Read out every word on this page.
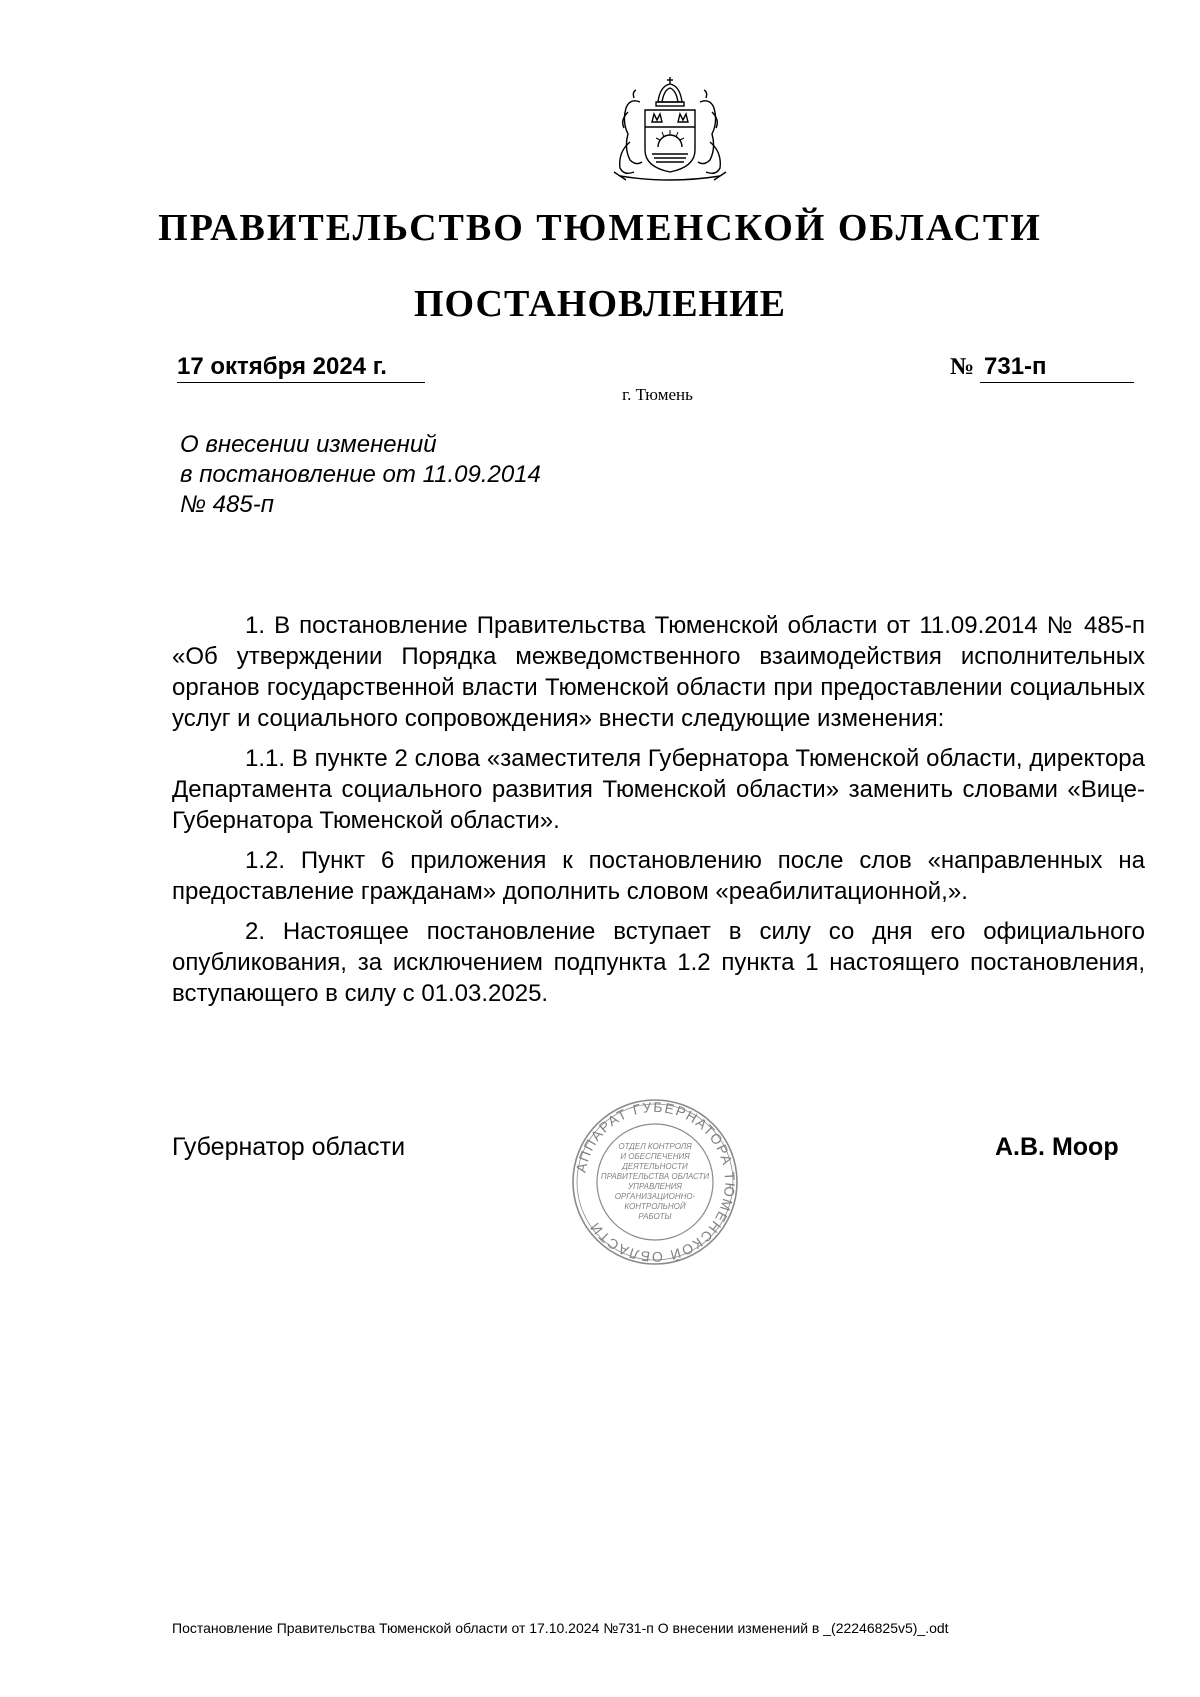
ПРАВИТЕЛЬСТВО ТЮМЕНСКОЙ ОБЛАСТИ
ПОСТАНОВЛЕНИЕ
17 октября 2024 г.	№ 731-п
г. Тюмень
О внесении изменений
в постановление от 11.09.2014
№ 485-п

1. В постановление Правительства Тюменской области от 11.09.2014 № 485-п «Об утверждении Порядка межведомственного взаимодействия исполнительных органов государственной власти Тюменской области при предоставлении социальных услуг и социального сопровождения» внести следующие изменения:

1.1. В пункте 2 слова «заместителя Губернатора Тюменской области, директора Департамента социального развития Тюменской области» заменить словами «Вице-Губернатора Тюменской области».

1.2. Пункт 6 приложения к постановлению после слов «направленных на предоставление гражданам» дополнить словом «реабилитационной,».

2. Настоящее постановление вступает в силу со дня его официального опубликования, за исключением подпункта 1.2 пункта 1 настоящего постановления, вступающего в силу с 01.03.2025.

Губернатор области	А.В. Моор
АППАРАТ ГУБЕРНАТОРА ТЮМЕНСКОЙ ОБЛАСТИ
ОТДЕЛ КОНТРОЛЯ
И ОБЕСПЕЧЕНИЯ
ДЕЯТЕЛЬНОСТИ
ПРАВИТЕЛЬСТВА ОБЛАСТИ
УПРАВЛЕНИЯ
ОРГАНИЗАЦИОННО-
КОНТРОЛЬНОЙ
РАБОТЫ
Постановление Правительства Тюменской области от 17.10.2024 №731-п О внесении изменений в _(22246825v5)_.odt
